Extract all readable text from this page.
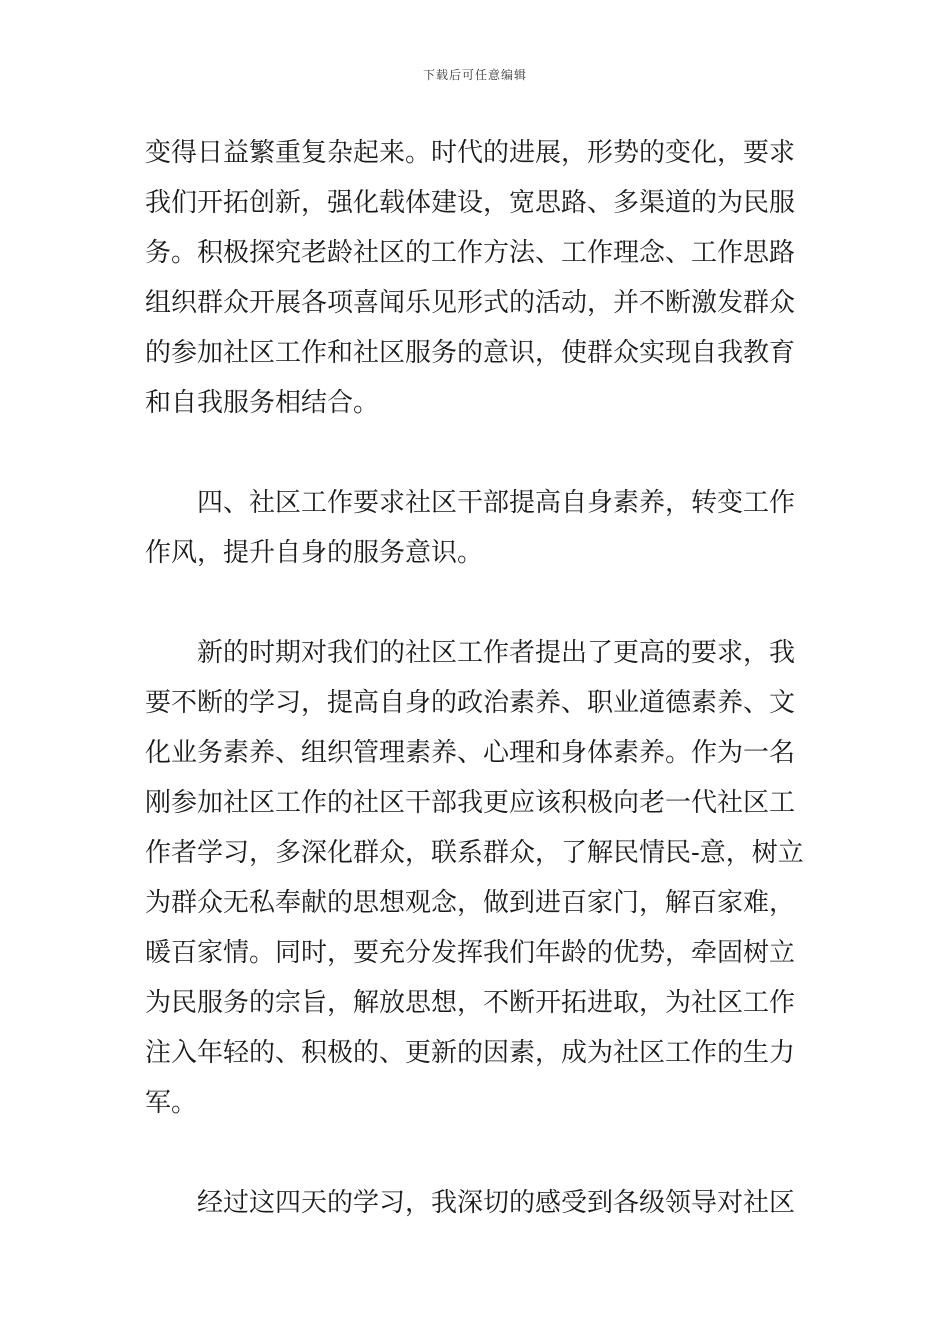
下载后可任意编辑
变得日益繁重复杂起来。时代的进展，形势的变化，要求
我们开拓创新，强化载体建设，宽思路、多渠道的为民服
务。积极探究老龄社区的工作方法、工作理念、工作思路
组织群众开展各项喜闻乐见形式的活动，并不断激发群众
的参加社区工作和社区服务的意识，使群众实现自我教育
和自我服务相结合。
　　四、社区工作要求社区干部提高自身素养，转变工作
作风，提升自身的服务意识。
　　新的时期对我们的社区工作者提出了更高的要求，我
要不断的学习，提高自身的政治素养、职业道德素养、文
化业务素养、组织管理素养、心理和身体素养。作为一名
刚参加社区工作的社区干部我更应该积极向老一代社区工
作者学习，多深化群众，联系群众，了解民情民-意，树立
为群众无私奉献的思想观念，做到进百家门，解百家难，
暖百家情。同时，要充分发挥我们年龄的优势，牵固树立
为民服务的宗旨，解放思想，不断开拓进取，为社区工作
注入年轻的、积极的、更新的因素，成为社区工作的生力
军。
　　经过这四天的学习，我深切的感受到各级领导对社区
